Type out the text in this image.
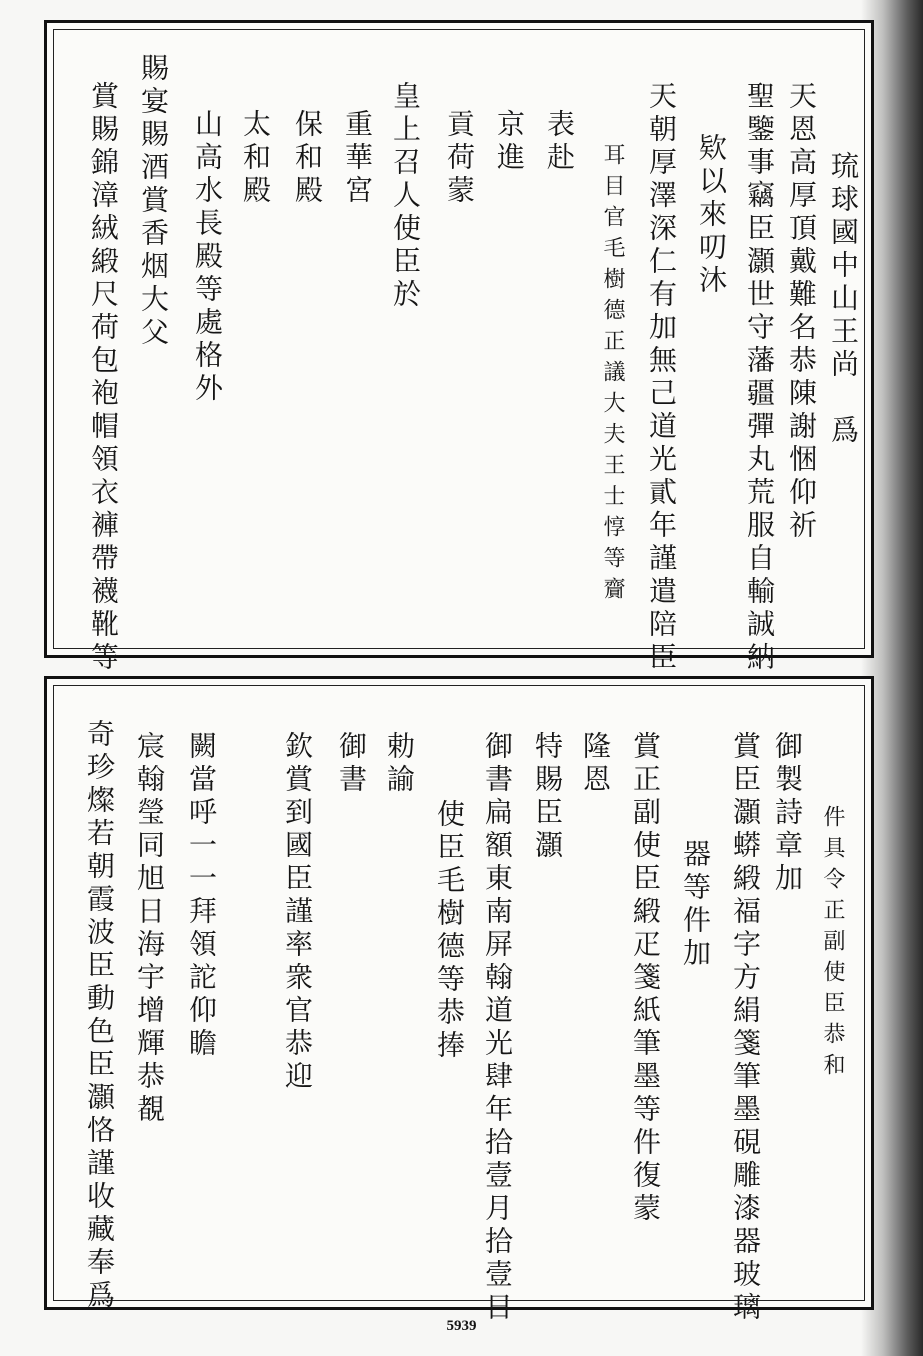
琉球國中山王尚　爲
天恩高厚頂戴難名恭陳謝悃仰祈
聖鑒事竊臣灝世守藩疆彈丸荒服自輸誠納
欵以來叨沐
天朝厚澤深仁有加無己道光貳年謹遣陪臣
耳目官毛樹德正議大夫王士惇等齎
表赴
京進
貢荷蒙
皇上召人使臣於
重華宮
保和殿
太和殿
山高水長殿等處格外
賜宴賜酒賞香烟大父
賞賜錦漳絨緞尺荷包袍帽領衣褲帶襪靴等
件具令正副使臣恭和
御製詩章加
賞臣灝蟒緞福字方絹箋筆墨硯雕漆器玻璃
器等件加
賞正副使臣緞疋箋紙筆墨等件復蒙
隆恩
特賜臣灝
御書扁額東南屏翰道光肆年拾壹月拾壹日
使臣毛樹德等恭捧
勅諭
御書
欽賞到國臣謹率衆官恭迎
闕當呼一一拜領詑仰瞻
宸翰瑩同旭日海宇增輝恭覩
奇珍燦若朝霞波臣動色臣灝恪謹收藏奉爲
5939
